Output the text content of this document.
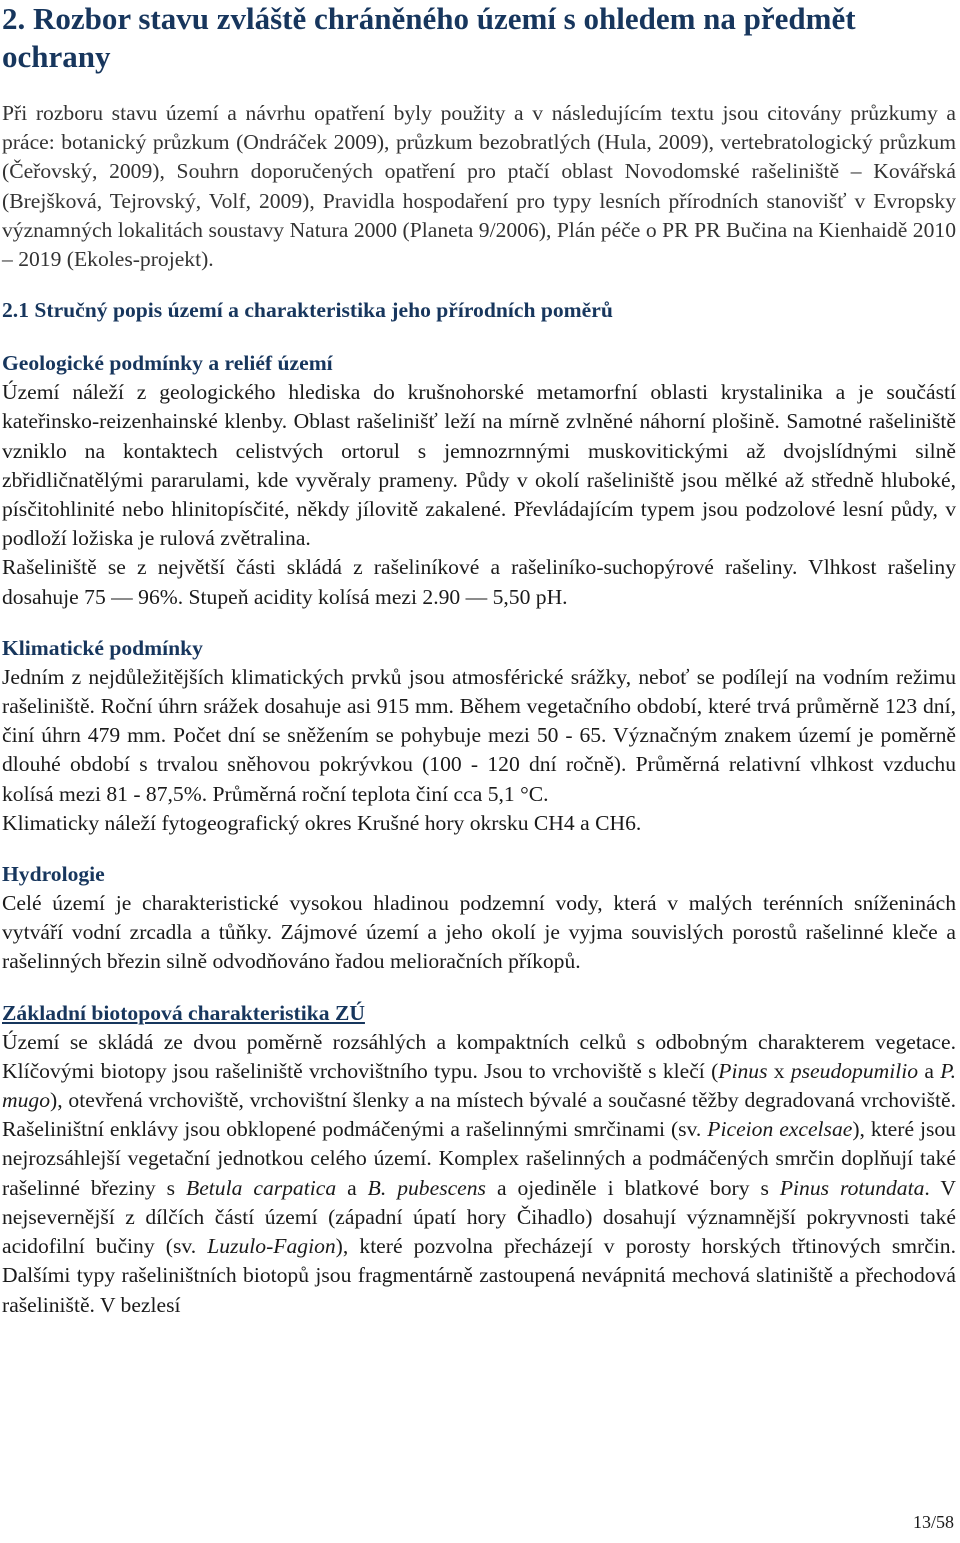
2. Rozbor stavu zvláště chráněného území s ohledem na předmět ochrany

Při rozboru stavu území a návrhu opatření byly použity a v následujícím textu jsou citovány průzkumy a práce: botanický průzkum (Ondráček 2009), průzkum bezobratlých (Hula, 2009), vertebratologický průzkum (Čeřovský, 2009), Souhrn doporučených opatření pro ptačí oblast Novodomské rašeliniště – Kovářská (Brejšková, Tejrovský, Volf, 2009), Pravidla hospodaření pro typy lesních přírodních stanovišť v Evropsky významných lokalitách soustavy Natura 2000 (Planeta 9/2006), Plán péče o PR PR Bučina na Kienhaidě 2010 – 2019 (Ekoles-projekt).

2.1 Stručný popis území a charakteristika jeho přírodních poměrů
Geologické podmínky a reliéf území

Území náleží z geologického hlediska do krušnohorské metamorfní oblasti krystalinika a je součástí kateřinsko-reizenhainské klenby. Oblast rašelinišť leží na mírně zvlněné náhorní plošině. Samotné rašeliniště vzniklo na kontaktech celistvých ortorul s jemnozrnnými muskovitickými až dvojslídnými silně zbřidličnatělými pararulami, kde vyvěraly prameny. Půdy v okolí rašeliniště jsou mělké až středně hluboké, písčitohlinité nebo hlinitopísčité, někdy jílovitě zakalené. Převládajícím typem jsou podzolové lesní půdy, v podloží ložiska je rulová zvětralina.

Rašeliniště se z největší části skládá z rašeliníkové a rašeliníko-suchopýrové rašeliny. Vlhkost rašeliny dosahuje 75 — 96%. Stupeň acidity kolísá mezi 2.90 — 5,50 pH.

Klimatické podmínky

Jedním z nejdůležitějších klimatických prvků jsou atmosférické srážky, neboť se podílejí na vodním režimu rašeliniště. Roční úhrn srážek dosahuje asi 915 mm. Během vegetačního období, které trvá průměrně 123 dní, činí úhrn 479 mm. Počet dní se sněžením se pohybuje mezi 50 - 65. Význačným znakem území je poměrně dlouhé období s trvalou sněhovou pokrývkou (100 - 120 dní ročně). Průměrná relativní vlhkost vzduchu kolísá mezi 81 - 87,5%. Průměrná roční teplota činí cca 5,1 °C.

Klimaticky náleží fytogeografický okres Krušné hory okrsku CH4 a CH6.

Hydrologie

Celé území je charakteristické vysokou hladinou podzemní vody, která v malých terénních sníženinách vytváří vodní zrcadla a tůňky. Zájmové území a jeho okolí je vyjma souvislých porostů rašelinné kleče a rašelinných březin silně odvodňováno řadou melioračních příkopů.

Základní biotopová charakteristika ZÚ

Území se skládá ze dvou poměrně rozsáhlých a kompaktních celků s odbobným charakterem vegetace. Klíčovými biotopy jsou rašeliniště vrchovištního typu. Jsou to vrchoviště s klečí (Pinus x pseudopumilio a P. mugo), otevřená vrchoviště, vrchovištní šlenky a na místech bývalé a současné těžby degradovaná vrchoviště. Rašeliništní enklávy jsou obklopené podmáčenými a rašelinnými smrčinami (sv. Piceion excelsae), které jsou nejrozsáhlejší vegetační jednotkou celého území. Komplex rašelinných a podmáčených smrčin doplňují také rašelinné březiny s Betula carpatica a B. pubescens a ojediněle i blatkové bory s Pinus rotundata. V nejsevernější z dílčích částí území (západní úpatí hory Čihadlo) dosahují významnější pokryvnosti také acidofilní bučiny (sv. Luzulo-Fagion), které pozvolna přecházejí v porosty horských třtinových smrčin. Dalšími typy rašeliništních biotopů jsou fragmentárně zastoupená nevápnitá mechová slatiniště a přechodová rašeliniště. V bezlesí

13/58
